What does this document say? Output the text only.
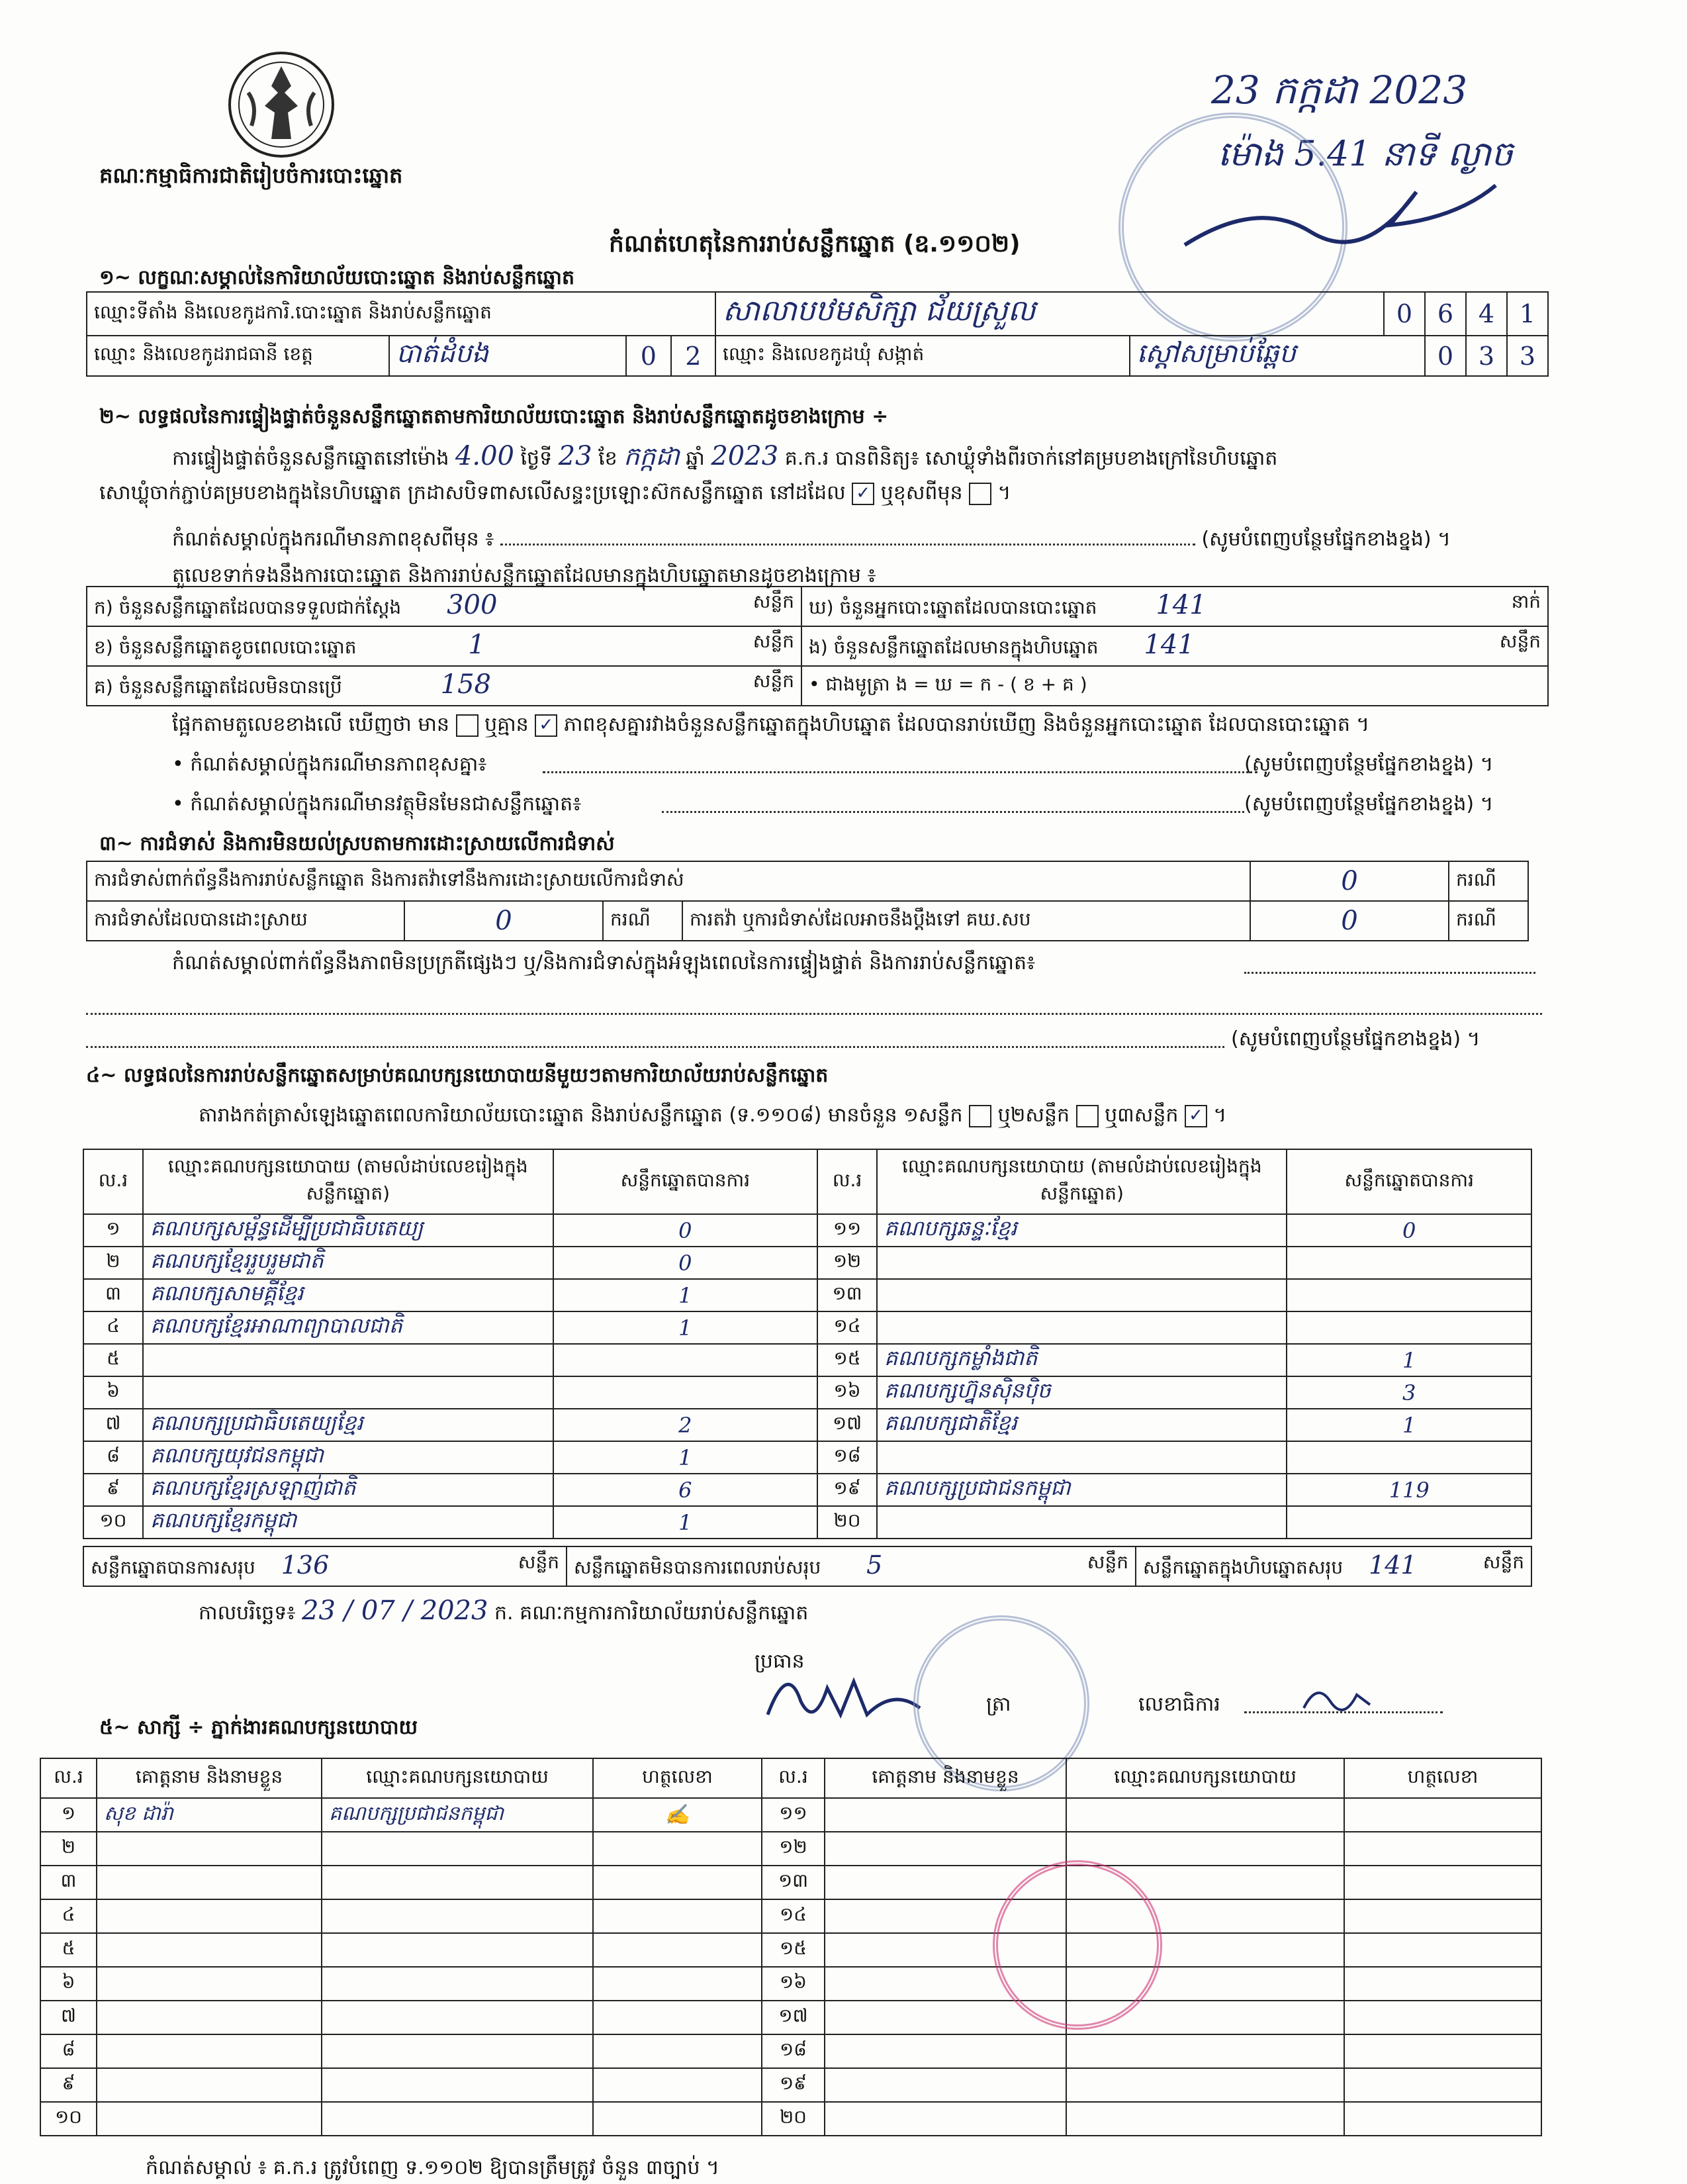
គណៈកម្មាធិការជាតិរៀបចំការបោះឆ្នោត
23 កក្កដា 2023
ម៉ោង 5.41 នាទី ល្ងាច
កំណត់ហេតុនៃការរាប់សន្លឹកឆ្នោត (ឧ.១១០២)
១~ លក្ខណៈសម្គាល់នៃការិយាល័យបោះឆ្នោត និងរាប់សន្លឹកឆ្នោត
ឈ្មោះទីតាំង និងលេខកូដការិ.បោះឆ្នោត និងរាប់សន្លឹកឆ្នោត				សាលាបឋមសិក្សា ជ័យស្រួល		0	6	4	1
ឈ្មោះ និងលេខកូដរាជធានី ខេត្ត	បាត់ដំបង	0	2	ឈ្មោះ និងលេខកូដឃុំ សង្កាត់	ស្ដៅសម្រាប់ឆ្ពែប		0	3	3
២~ លទ្ធផលនៃការផ្ទៀងផ្ទាត់ចំនួនសន្លឹកឆ្នោតតាមការិយាល័យបោះឆ្នោត និងរាប់សន្លឹកឆ្នោតដូចខាងក្រោម ÷
ការផ្ទៀងផ្ទាត់ចំនួនសន្លឹកឆ្នោតនៅម៉ោង 4.00 ថ្ងៃទី 23 ខែ កក្កដា ឆ្នាំ 2023 គ.ក.រ បានពិនិត្យ៖ សោឃ្លុំទាំងពីរចាក់នៅគម្របខាងក្រៅនៃហិបឆ្នោត
សោឃ្លុំចាក់ភ្ជាប់គម្របខាងក្នុងនៃហិបឆ្នោត ក្រដាសបិទពាសលើសន្ទះប្រឡោះស៊កសន្លឹកឆ្នោត នៅដដែល ✓ ឬខុសពីមុន  ។
កំណត់សម្គាល់ក្នុងករណីមានភាពខុសពីមុន ៖	(សូមបំពេញបន្ថែមផ្នែកខាងខ្នង) ។
តួលេខទាក់ទងនឹងការបោះឆ្នោត និងការរាប់សន្លឹកឆ្នោតដែលមានក្នុងហិបឆ្នោតមានដូចខាងក្រោម ៖
ក) ចំនួនសន្លឹកឆ្នោតដែលបានទទួលជាក់ស្តែង 300 សន្លឹក	ឃ) ចំនួនអ្នកបោះឆ្នោតដែលបានបោះឆ្នោត 141 នាក់

ខ) ចំនួនសន្លឹកឆ្នោតខូចពេលបោះឆ្នោត 1 សន្លឹក	ង) ចំនួនសន្លឹកឆ្នោតដែលមានក្នុងហិបឆ្នោត 141 សន្លឹក

គ) ចំនួនសន្លឹកឆ្នោតដែលមិនបានប្រើ 158 សន្លឹក	• ជាងមូត្រា ង = ឃ = ក - ( ខ + គ )
ផ្អែកតាមតួលេខខាងលើ ឃើញថា មាន ឬគ្មាន ✓ ភាពខុសគ្នារវាងចំនួនសន្លឹកឆ្នោតក្នុងហិបឆ្នោត ដែលបានរាប់ឃើញ និងចំនួនអ្នកបោះឆ្នោត ដែលបានបោះឆ្នោត ។
• កំណត់សម្គាល់ក្នុងករណីមានភាពខុសគ្នា៖	(សូមបំពេញបន្ថែមផ្នែកខាងខ្នង) ។
• កំណត់សម្គាល់ក្នុងករណីមានវត្ថុមិនមែនជាសន្លឹកឆ្នោត៖	(សូមបំពេញបន្ថែមផ្នែកខាងខ្នង) ។
៣~ ការជំទាស់ និងការមិនយល់ស្របតាមការដោះស្រាយលើការជំទាស់
ការជំទាស់ពាក់ព័ន្ធនឹងការរាប់សន្លឹកឆ្នោត និងការតវ៉ាទៅនឹងការដោះស្រាយលើការជំទាស់				0	ករណី
ការជំទាស់ដែលបានដោះស្រាយ	0	ករណី	ការតវ៉ា ឬការជំទាស់ដែលអាចនឹងប្ដឹងទៅ គឃ.សប	0	ករណី
កំណត់សម្គាល់ពាក់ព័ន្ធនឹងភាពមិនប្រក្រតីផ្សេងៗ ឬ/និងការជំទាស់ក្នុងអំឡុងពេលនៃការផ្ទៀងផ្ទាត់ និងការរាប់សន្លឹកឆ្នោត៖
(សូមបំពេញបន្ថែមផ្នែកខាងខ្នង) ។
៤~ លទ្ធផលនៃការរាប់សន្លឹកឆ្នោតសម្រាប់គណបក្សនយោបាយនីមួយៗតាមការិយាល័យរាប់សន្លឹកឆ្នោត
តារាងកត់ត្រាសំឡេងឆ្នោតពេលការិយាល័យបោះឆ្នោត និងរាប់សន្លឹកឆ្នោត (ទ.១១០៨) មានចំនួន ១សន្លឹក ឬ២សន្លឹក ឬ៣សន្លឹក ✓ ។
ល.រ	ឈ្មោះគណបក្សនយោបាយ (តាមលំដាប់លេខរៀងក្នុងសន្លឹកឆ្នោត)	សន្លឹកឆ្នោតបានការ	ល.រ	ឈ្មោះគណបក្សនយោបាយ (តាមលំដាប់លេខរៀងក្នុងសន្លឹកឆ្នោត)	សន្លឹកឆ្នោតបានការ
១	គណបក្សសម្ព័ន្ធដើម្បីប្រជាធិបតេយ្យ	0	១១	គណបក្សឆន្ទៈខ្មែរ	0
២	គណបក្សខ្មែររួបរួមជាតិ	0	១២		
៣	គណបក្សសាមគ្គីខ្មែរ	1	១៣		
៤	គណបក្សខ្មែរអាណាព្យាបាលជាតិ	1	១៤		
៥			១៥	គណបក្សកម្លាំងជាតិ	1
៦			១៦	គណបក្សហ្វ៊ុនស៊ិនប៉ិច	3
៧	គណបក្សប្រជាធិបតេយ្យខ្មែរ	2	១៧	គណបក្សជាតិខ្មែរ	1
៨	គណបក្សយុវជនកម្ពុជា	1	១៨		
៩	គណបក្សខ្មែរស្រឡាញ់ជាតិ	6	១៩	គណបក្សប្រជាជនកម្ពុជា	119
១០	គណបក្សខ្មែរកម្ពុជា	1	២០		
សន្លឹកឆ្នោតបានការសរុប 136	សន្លឹក	សន្លឹកឆ្នោតមិនបានការពេលរាប់សរុប 5	សន្លឹក	សន្លឹកឆ្នោតក្នុងហិបឆ្នោតសរុប 141	សន្លឹក
កាលបរិច្ឆេទ៖ 23 / 07 / 2023 ក. គណៈកម្មការការិយាល័យរាប់សន្លឹកឆ្នោត
ប្រធាន
ត្រា	លេខាធិការ
៥~ សាក្សី ÷ ភ្នាក់ងារគណបក្សនយោបាយ
ល.រ	គោត្តនាម និងនាមខ្លួន	ឈ្មោះគណបក្សនយោបាយ	ហត្ថលេខា	ល.រ	គោត្តនាម និងនាមខ្លួន	ឈ្មោះគណបក្សនយោបាយ	ហត្ថលេខា
១	សុខ ដារ៉ា	គណបក្សប្រជាជនកម្ពុជា	✍	១១			
២				១២			
៣				១៣			
៤				១៤			
៥				១៥			
៦				១៦			
៧				១៧			
៨				១៨			
៩				១៩			
១០				២០			
កំណត់សម្គាល់ ៖ គ.ក.រ ត្រូវបំពេញ ទ.១១០២ ឱ្យបានត្រឹមត្រូវ ចំនួន ៣ច្បាប់ ។
